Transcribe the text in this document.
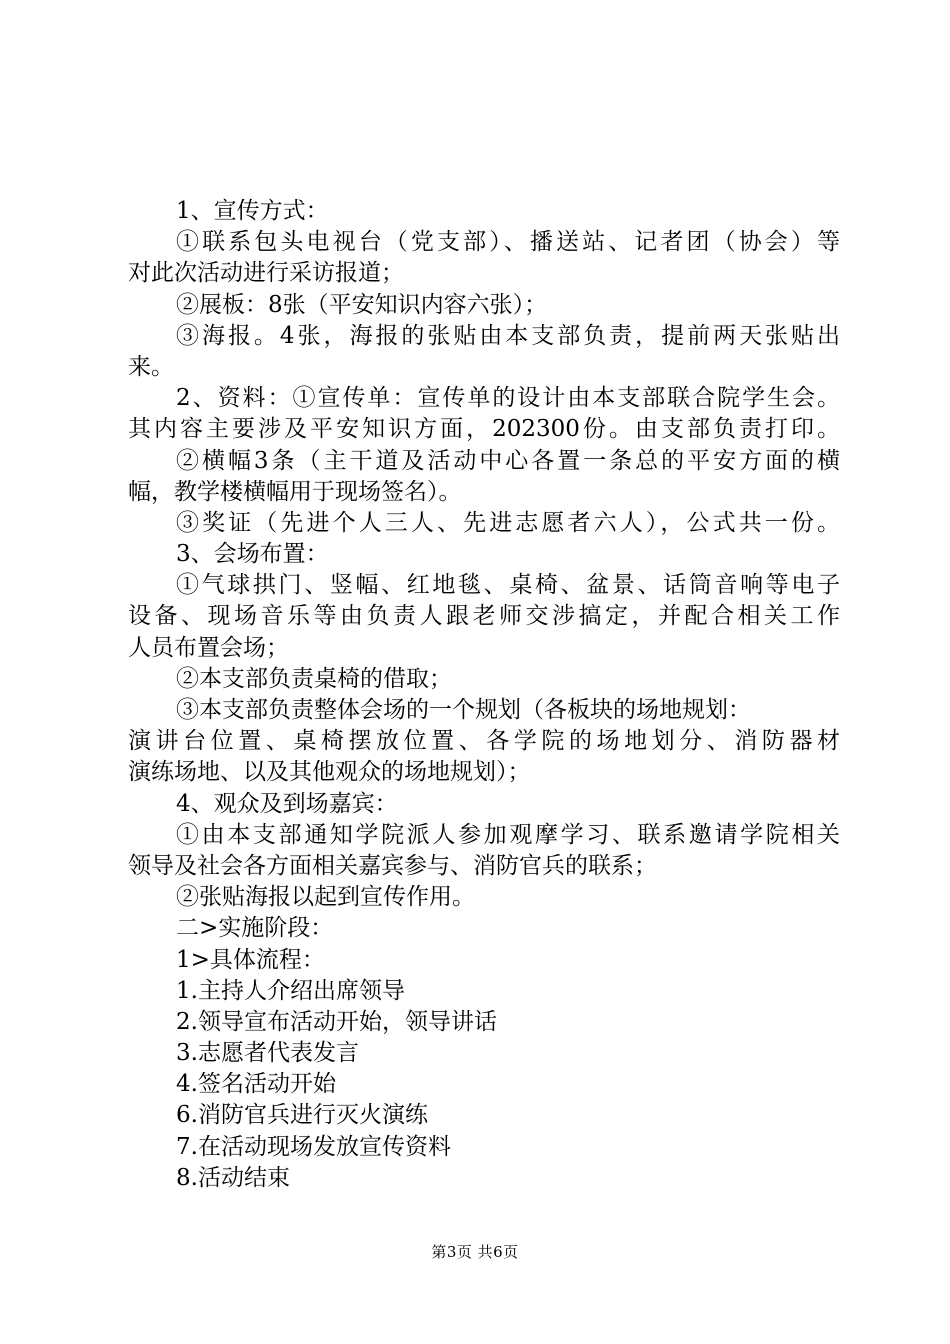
1、宣传方式：
①联系包头电视台（党支部）、播送站、记者团（协会）等
对此次活动进行采访报道；
②展板：8张（平安知识内容六张）；
③海报。4张，海报的张贴由本支部负责，提前两天张贴出
来。
2、资料：①宣传单：宣传单的设计由本支部联合院学生会。
其内容主要涉及平安知识方面，202300份。由支部负责打印。
②横幅3条（主干道及活动中心各置一条总的平安方面的横
幅，教学楼横幅用于现场签名）。
③奖证（先进个人三人、先进志愿者六人），公式共一份。
3、会场布置：
①气球拱门、竖幅、红地毯、桌椅、盆景、话筒音响等电子
设备、现场音乐等由负责人跟老师交涉搞定，并配合相关工作
人员布置会场；
②本支部负责桌椅的借取；
③本支部负责整体会场的一个规划（各板块的场地规划：
演讲台位置、桌椅摆放位置、各学院的场地划分、消防器材
演练场地、以及其他观众的场地规划）；
4、观众及到场嘉宾：
①由本支部通知学院派人参加观摩学习、联系邀请学院相关
领导及社会各方面相关嘉宾参与、消防官兵的联系；
②张贴海报以起到宣传作用。
二>实施阶段：
1>具体流程：
1.主持人介绍出席领导
2.领导宣布活动开始，领导讲话
3.志愿者代表发言
4.签名活动开始
6.消防官兵进行灭火演练
7.在活动现场发放宣传资料
8.活动结束
第3页 共6页
